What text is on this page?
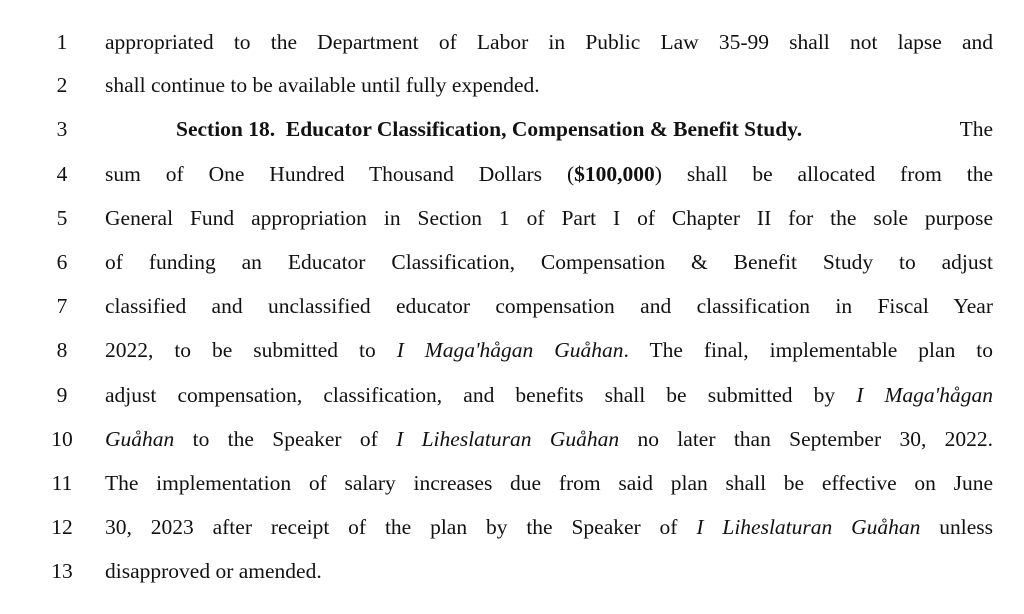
1	appropriated to the Department of Labor in Public Law 35-99 shall not lapse and
2	shall continue to be available until fully expended.
3	Section 18.  Educator Classification, Compensation & Benefit Study.	The
4	sum of One Hundred Thousand Dollars ($100,000) shall be allocated from the
5	General Fund appropriation in Section 1 of Part I of Chapter II for the sole purpose
6	of funding an Educator Classification, Compensation & Benefit Study to adjust
7	classified and unclassified educator compensation and classification in Fiscal Year
8	2022, to be submitted to I Maga'hågan Guåhan. The final, implementable plan to
9	adjust compensation, classification, and benefits shall be submitted by I Maga'hågan
10	Guåhan to the Speaker of I Liheslaturan Guåhan no later than September 30, 2022.
11	The implementation of salary increases due from said plan shall be effective on June
12	30, 2023 after receipt of the plan by the Speaker of I Liheslaturan Guåhan unless
13	disapproved or amended.
